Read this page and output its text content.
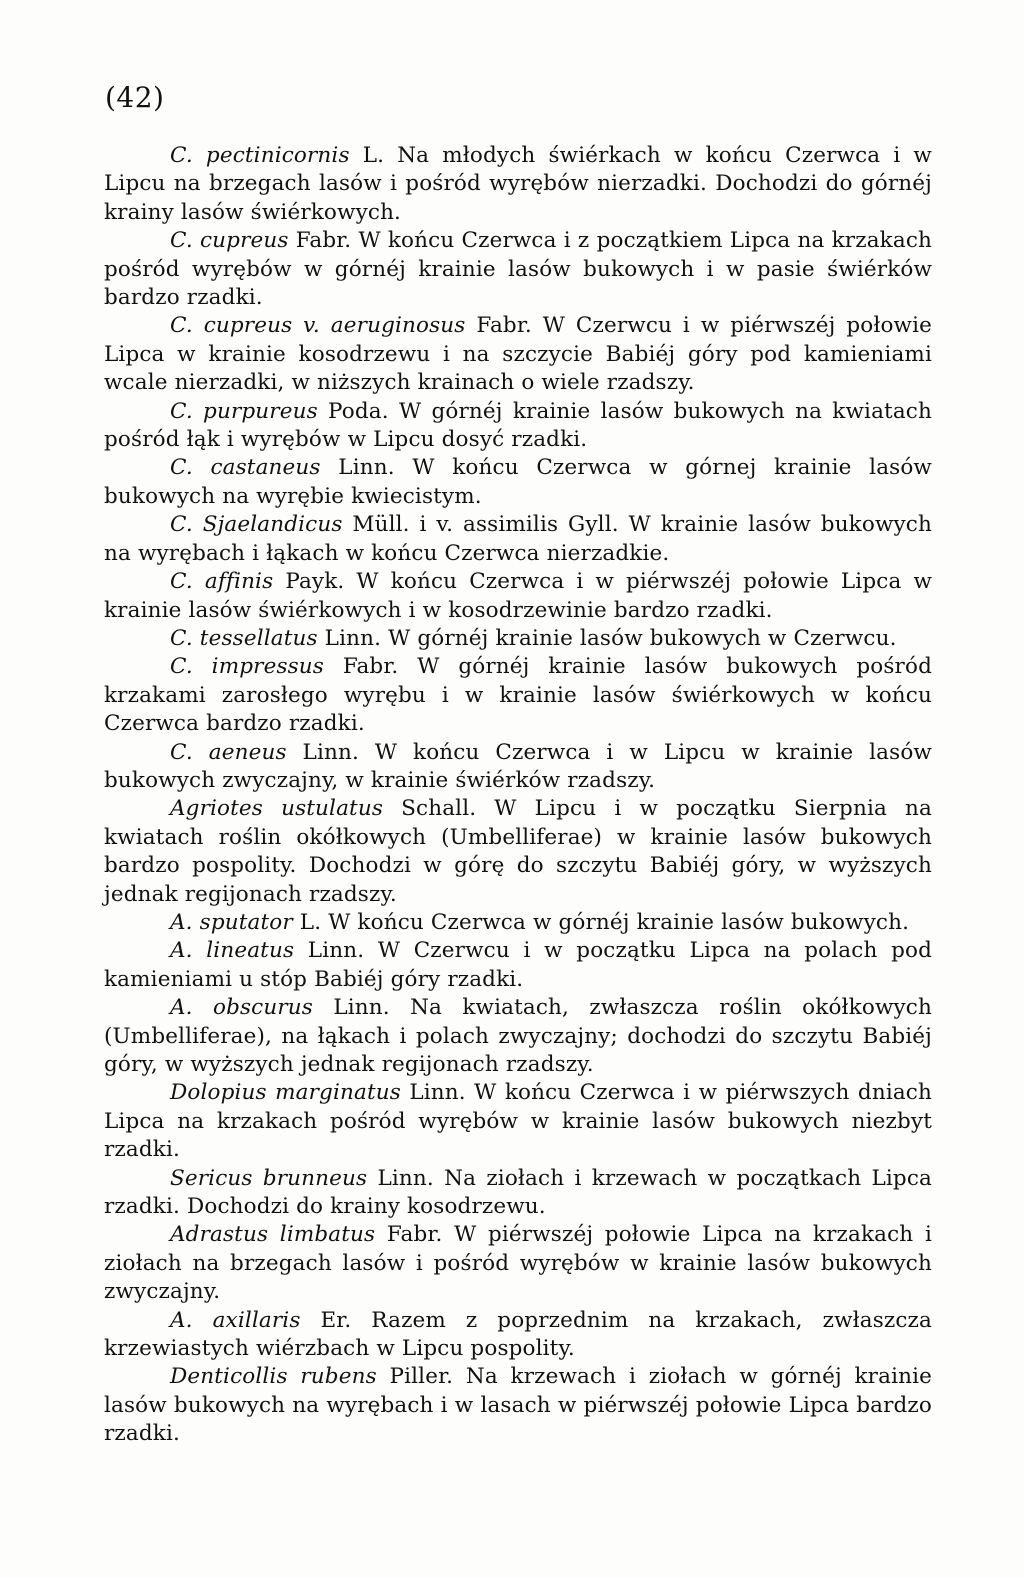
(42)

C. pectinicornis L. Na młodych świérkach w końcu Czerwca i w Lipcu na brzegach lasów i pośród wyrębów nierzadki. Dochodzi do górnéj krainy lasów świérkowych.

C. cupreus Fabr. W końcu Czerwca i z początkiem Lipca na krzakach pośród wyrębów w górnéj krainie lasów bukowych i w pasie świérków bardzo rzadki.

C. cupreus v. aeruginosus Fabr. W Czerwcu i w piérwszéj połowie Lipca w krainie kosodrzewu i na szczycie Babiéj góry pod kamieniami wcale nierzadki, w niższych krainach o wiele rzadszy.

C. purpureus Poda. W górnéj krainie lasów bukowych na kwiatach pośród łąk i wyrębów w Lipcu dosyć rzadki.

C. castaneus Linn. W końcu Czerwca w górnej krainie lasów bukowych na wyrębie kwiecistym.

C. Sjaelandicus Müll. i v. assimilis Gyll. W krainie lasów bukowych na wyrębach i łąkach w końcu Czerwca nierzadkie.

C. affinis Payk. W końcu Czerwca i w piérwszéj połowie Lipca w krainie lasów świérkowych i w kosodrzewinie bardzo rzadki.

C. tessellatus Linn. W górnéj krainie lasów bukowych w Czerwcu.

C. impressus Fabr. W górnéj krainie lasów bukowych pośród krzakami zarosłego wyrębu i w krainie lasów świérkowych w końcu Czerwca bardzo rzadki.

C. aeneus Linn. W końcu Czerwca i w Lipcu w krainie lasów bukowych zwyczajny, w krainie świérków rzadszy.

Agriotes ustulatus Schall. W Lipcu i w początku Sierpnia na kwiatach roślin okółkowych (Umbelliferae) w krainie lasów bukowych bardzo pospolity. Dochodzi w górę do szczytu Babiéj góry, w wyższych jednak regijonach rzadszy.

A. sputator L. W końcu Czerwca w górnéj krainie lasów bukowych.

A. lineatus Linn. W Czerwcu i w początku Lipca na polach pod kamieniami u stóp Babiéj góry rzadki.

A. obscurus Linn. Na kwiatach, zwłaszcza roślin okółkowych (Umbelliferae), na łąkach i polach zwyczajny; dochodzi do szczytu Babiéj góry, w wyższych jednak regijonach rzadszy.

Dolopius marginatus Linn. W końcu Czerwca i w piérwszych dniach Lipca na krzakach pośród wyrębów w krainie lasów bukowych niezbyt rzadki.

Sericus brunneus Linn. Na ziołach i krzewach w początkach Lipca rzadki. Dochodzi do krainy kosodrzewu.

Adrastus limbatus Fabr. W piérwszéj połowie Lipca na krzakach i ziołach na brzegach lasów i pośród wyrębów w krainie lasów bukowych zwyczajny.

A. axillaris Er. Razem z poprzednim na krzakach, zwłaszcza krzewiastych wiérzbach w Lipcu pospolity.

Denticollis rubens Piller. Na krzewach i ziołach w górnéj krainie lasów bukowych na wyrębach i w lasach w piérwszéj połowie Lipca bardzo rzadki.
